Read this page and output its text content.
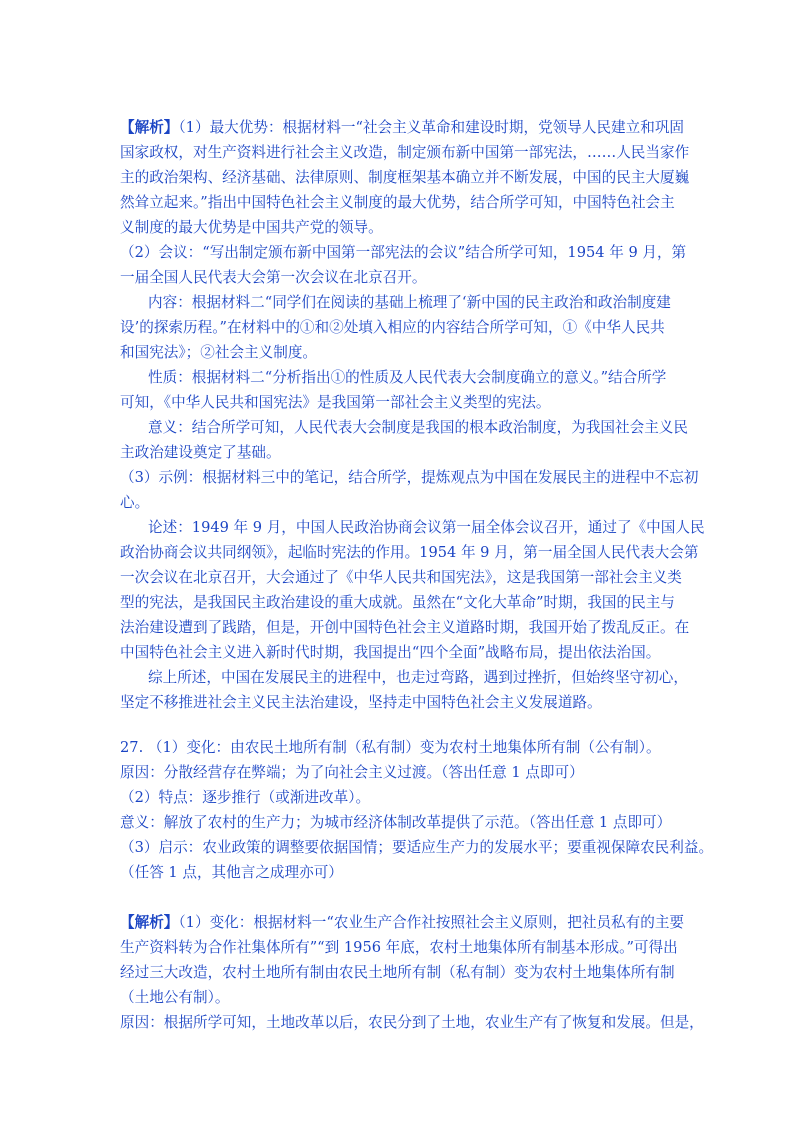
【解析】（1）最大优势：根据材料一“社会主义革命和建设时期，党领导人民建立和巩固
国家政权，对生产资料进行社会主义改造，制定颁布新中国第一部宪法，……人民当家作
主的政治架构、经济基础、法律原则、制度框架基本确立并不断发展，中国的民主大厦巍
然耸立起来。”指出中国特色社会主义制度的最大优势，结合所学可知，中国特色社会主
义制度的最大优势是中国共产党的领导。
（2）会议：“写出制定颁布新中国第一部宪法的会议”结合所学可知，1954 年 9 月，第
一届全国人民代表大会第一次会议在北京召开。
内容：根据材料二“同学们在阅读的基础上梳理了‘新中国的民主政治和政治制度建
设’的探索历程。”在材料中的①和②处填入相应的内容结合所学可知，①《中华人民共
和国宪法》；②社会主义制度。
性质：根据材料二“分析指出①的性质及人民代表大会制度确立的意义。”结合所学
可知，《中华人民共和国宪法》是我国第一部社会主义类型的宪法。
意义：结合所学可知，人民代表大会制度是我国的根本政治制度，为我国社会主义民
主政治建设奠定了基础。
（3）示例：根据材料三中的笔记，结合所学，提炼观点为中国在发展民主的进程中不忘初
心。
论述：1949 年 9 月，中国人民政治协商会议第一届全体会议召开，通过了《中国人民
政治协商会议共同纲领》，起临时宪法的作用。1954 年 9 月，第一届全国人民代表大会第
一次会议在北京召开，大会通过了《中华人民共和国宪法》，这是我国第一部社会主义类
型的宪法，是我国民主政治建设的重大成就。虽然在“文化大革命”时期，我国的民主与
法治建设遭到了践踏，但是，开创中国特色社会主义道路时期，我国开始了拨乱反正。在
中国特色社会主义进入新时代时期，我国提出“四个全面”战略布局，提出依法治国。
综上所述，中国在发展民主的进程中，也走过弯路，遇到过挫折，但始终坚守初心，
坚定不移推进社会主义民主法治建设，坚持走中国特色社会主义发展道路。
27. （1）变化：由农民土地所有制（私有制）变为农村土地集体所有制（公有制）。
原因：分散经营存在弊端；为了向社会主义过渡。（答出任意 1 点即可）
（2）特点：逐步推行（或渐进改革）。
意义：解放了农村的生产力；为城市经济体制改革提供了示范。（答出任意 1 点即可）
（3）启示：农业政策的调整要依据国情；要适应生产力的发展水平；要重视保障农民利益。
（任答 1 点，其他言之成理亦可）
【解析】（1）变化：根据材料一“农业生产合作社按照社会主义原则，把社员私有的主要
生产资料转为合作社集体所有”“到 1956 年底，农村土地集体所有制基本形成。”可得出
经过三大改造，农村土地所有制由农民土地所有制（私有制）变为农村土地集体所有制
（土地公有制）。
原因：根据所学可知，土地改革以后，农民分到了土地，农业生产有了恢复和发展。但是，
